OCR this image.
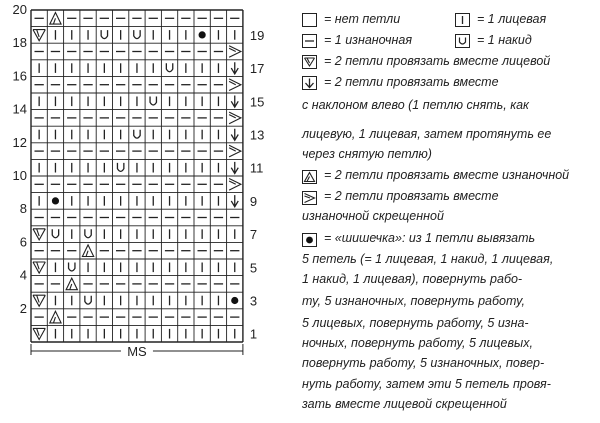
2
4
6
8
10
12
14
16
18
20
1
3
5
7
9
11
13
15
17
19
MS
= нет петли	= 1 лицевая
= 1 изнаночная	= 1 накид
= 2 петли провязать вместе лицевой
= 2 петли провязать вместе
с наклоном влево (1 петлю снять, как
лицевую, 1 лицевая, затем протянуть ее
через снятую петлю)
= 2 петли провязать вместе изнаночной
= 2 петли провязать вместе
изнаночной скрещенной
= «шишечка»: из 1 петли вывязать
5 петель (= 1 лицевая, 1 накид, 1 лицевая,
1 накид, 1 лицевая), повернуть рабо-
ту, 5 изнаночных, повернуть работу,
5 лицевых, повернуть работу, 5 изна-
ночных, повернуть работу, 5 лицевых,
повернуть работу, 5 изнаночных, повер-
нуть работу, затем эти 5 петель провя-
зать вместе лицевой скрещенной
